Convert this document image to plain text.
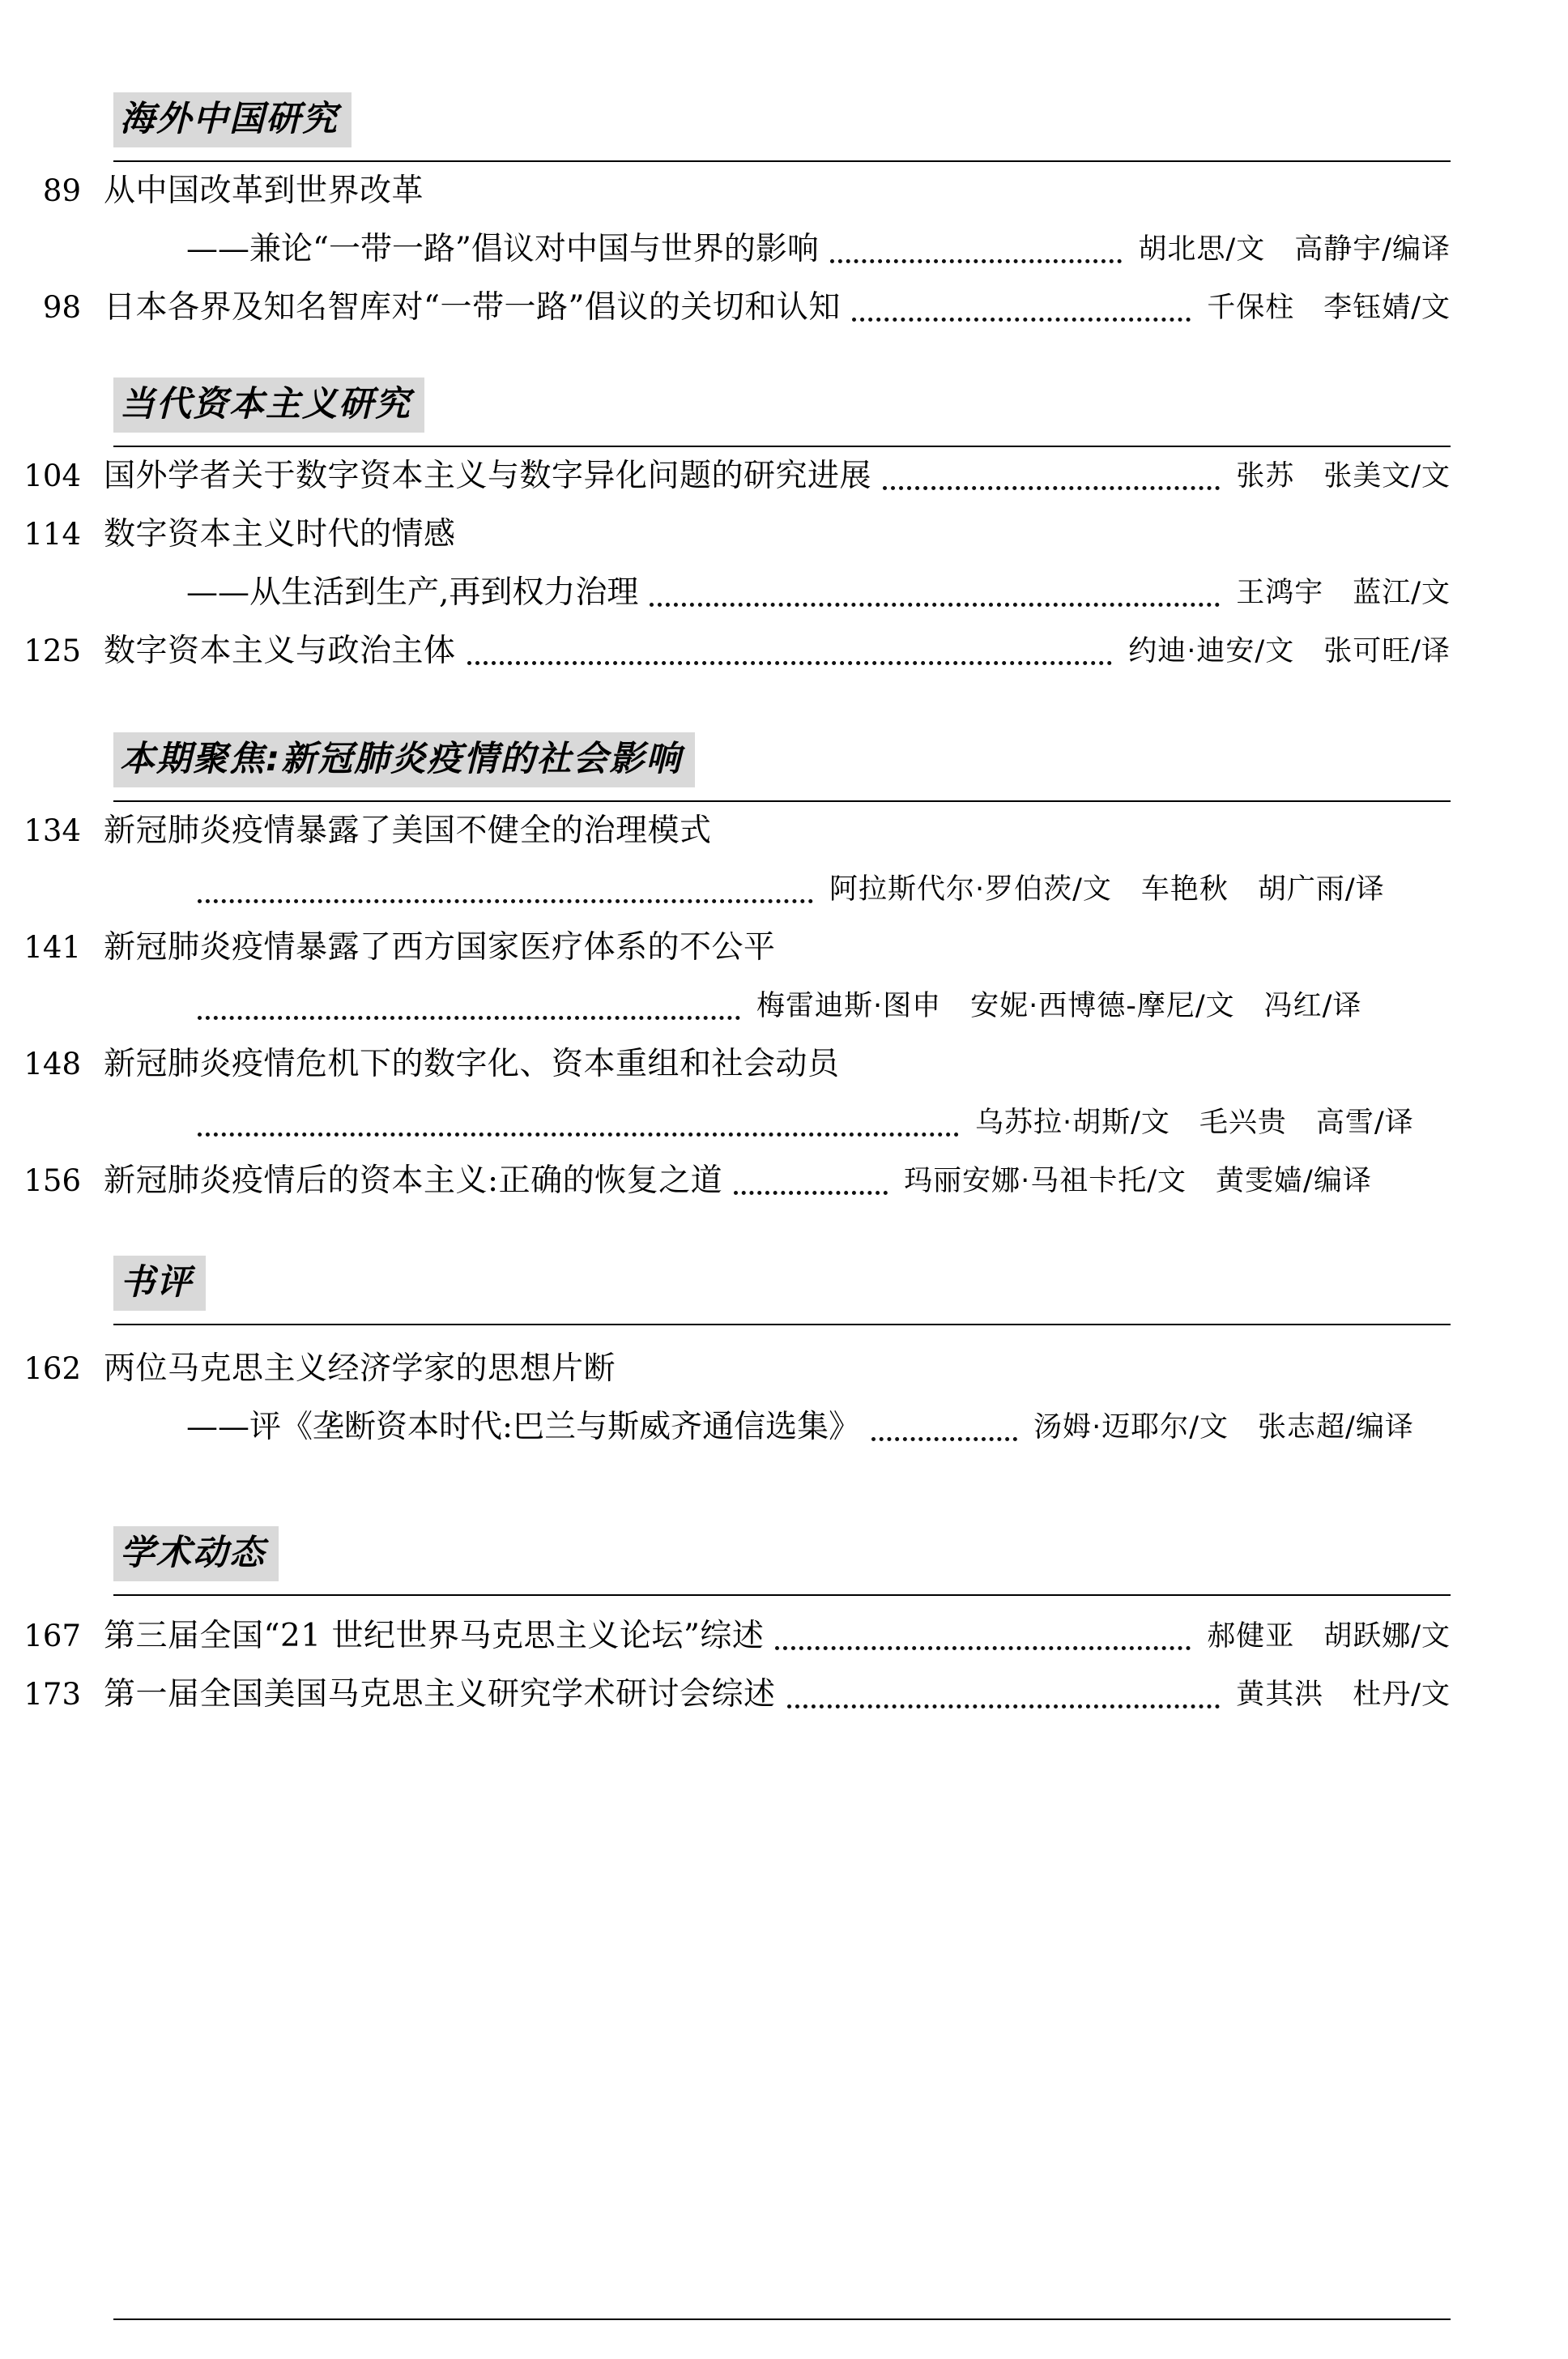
海外中国研究
89 从中国改革到世界改革
——兼论“一带一路”倡议对中国与世界的影响	胡北思/文　高静宇/编译
98 日本各界及知名智库对“一带一路”倡议的关切和认知	千保柱　李钰婧/文
当代资本主义研究
104 国外学者关于数字资本主义与数字异化问题的研究进展	张苏　张美文/文
114 数字资本主义时代的情感
——从生活到生产,再到权力治理	王鸿宇　蓝江/文
125 数字资本主义与政治主体	约迪·迪安/文　张可旺/译
本期聚焦:新冠肺炎疫情的社会影响
134 新冠肺炎疫情暴露了美国不健全的治理模式
阿拉斯代尔·罗伯茨/文　车艳秋　胡广雨/译
141 新冠肺炎疫情暴露了西方国家医疗体系的不公平
梅雷迪斯·图申　安妮·西博德-摩尼/文　冯红/译
148 新冠肺炎疫情危机下的数字化、资本重组和社会动员
乌苏拉·胡斯/文　毛兴贵　高雪/译
156 新冠肺炎疫情后的资本主义:正确的恢复之道	玛丽安娜·马祖卡托/文　黄雯嫱/编译
书评
162 两位马克思主义经济学家的思想片断
——评《垄断资本时代:巴兰与斯威齐通信选集》	汤姆·迈耶尔/文　张志超/编译
学术动态
167 第三届全国“21 世纪世界马克思主义论坛”综述	郝健亚　胡跃娜/文
173 第一届全国美国马克思主义研究学术研讨会综述	黄其洪　杜丹/文
